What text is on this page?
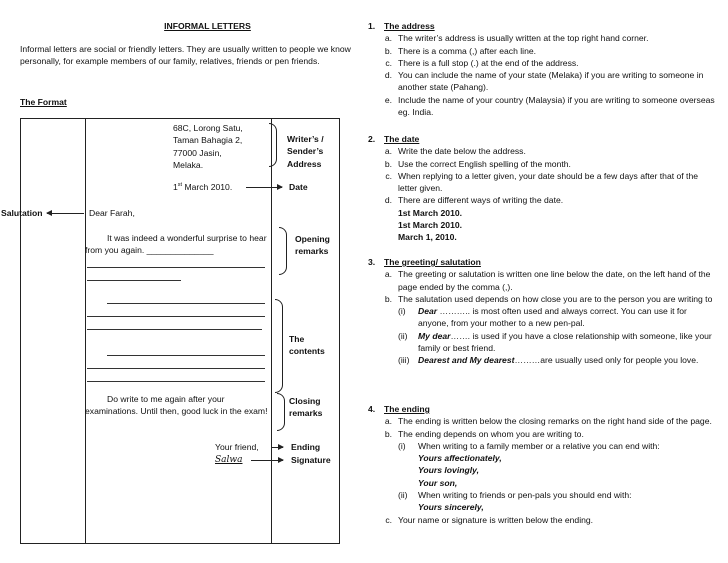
INFORMAL LETTERS
Informal letters are social or friendly letters. They are usually written to people we know personally, for example members of our family, relatives, friends or pen friends.
The Format
68C, Lorong Satu,
Taman Bahagia 2,
77000 Jasin,
Melaka.
Writer’s / Sender’s Address
1st March 2010.	Date
Salutation	Dear Farah,
It was indeed a wonderful surprise to hear from you again. ______________
Opening remarks
The contents
Do write to me again after your examinations. Until then, good luck in the exam!
Closing remarks
Your friend,	Ending
Salwa	Signature
1.	The address
a. The writer’s address is usually written at the top right hand corner.
b. There is a comma (,) after each line.
c. There is a full stop (.) at the end of the address.
d. You can include the name of your state (Melaka) if you are writing to someone in another state (Pahang).
e. Include the name of your country (Malaysia) if you are writing to someone overseas eg. India.
2.	The date
a. Write the date below the address.
b. Use the correct English spelling of the month.
c. When replying to a letter given, your date should be a few days after that of the letter given.
d. There are different ways of writing the date.
1st March 2010.
1st March 2010.
March 1, 2010.
3.	The greeting/ salutation
a. The greeting or salutation is written one line below the date, on the left hand of the page ended by the comma (,).
b. The salutation used depends on how close you are to the person you are writing to
(i)	Dear ……….. is most often used and always correct. You can use it for anyone, from your mother to a new pen-pal.
(ii)	My dear……. is used if you have a close relationship with someone, like your family or best friend.
(iii) Dearest and My dearest………are usually used only for people you love.
4.	The ending
a. The ending is written below the closing remarks on the right hand side of the page.
b. The ending depends on whom you are writing to.
(i)	When writing to a family member or a relative you can end with:
Yours affectionately,
Yours lovingly,
Your son,
(ii)	When writing to friends or pen-pals you should end with:
Yours sincerely,
c. Your name or signature is written below the ending.
